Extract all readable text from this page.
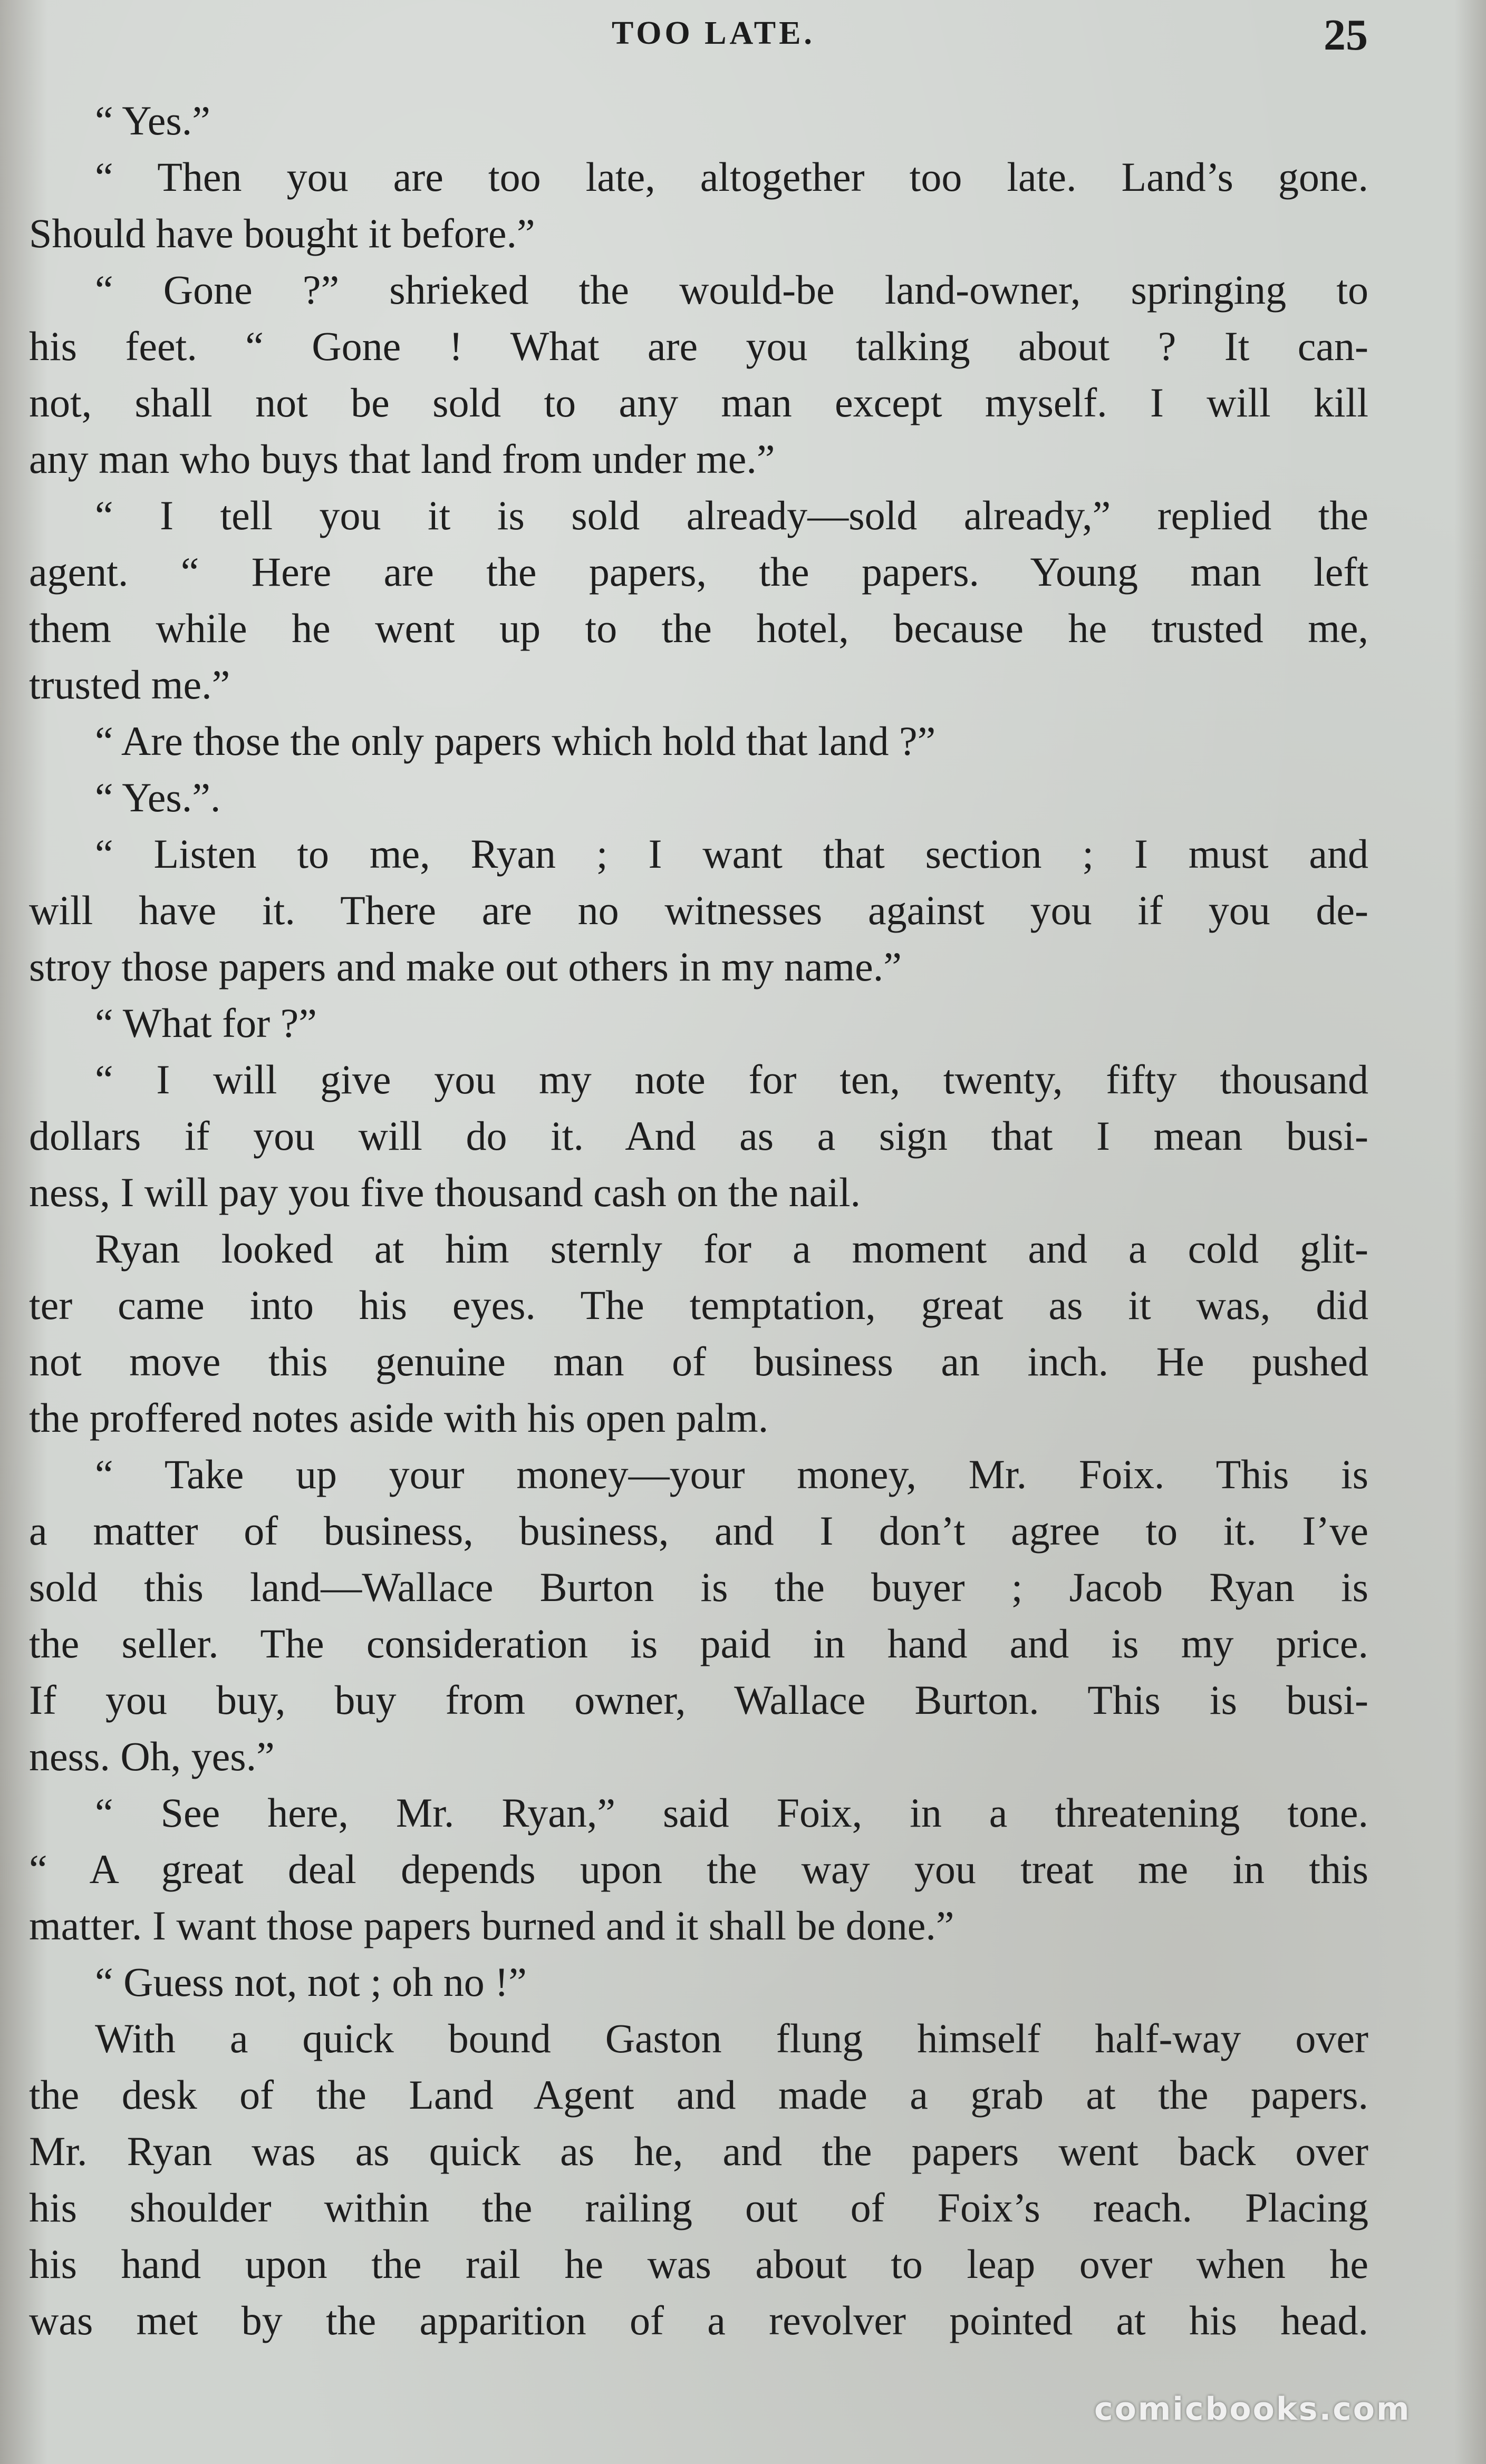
TOO LATE.	25
“ Yes.”
“ Then you are too late, altogether too late. Land’s gone.
Should have bought it before.”
“ Gone ?” shrieked the would-be land-owner, springing to
his feet. “ Gone ! What are you talking about ? It can-
not, shall not be sold to any man except myself. I will kill
any man who buys that land from under me.”
“ I tell you it is sold already—sold already,” replied the
agent. “ Here are the papers, the papers. Young man left
them while he went up to the hotel, because he trusted me,
trusted me.”
“ Are those the only papers which hold that land ?”
“ Yes.”.
“ Listen to me, Ryan ; I want that section ; I must and
will have it. There are no witnesses against you if you de-
stroy those papers and make out others in my name.”
“ What for ?”
“ I will give you my note for ten, twenty, fifty thousand
dollars if you will do it. And as a sign that I mean busi-
ness, I will pay you five thousand cash on the nail.
Ryan looked at him sternly for a moment and a cold glit-
ter came into his eyes. The temptation, great as it was, did
not move this genuine man of business an inch. He pushed
the proffered notes aside with his open palm.
“ Take up your money—your money, Mr. Foix. This is
a matter of business, business, and I don’t agree to it. I’ve
sold this land—Wallace Burton is the buyer ; Jacob Ryan is
the seller. The consideration is paid in hand and is my price.
If you buy, buy from owner, Wallace Burton. This is busi-
ness. Oh, yes.”
“ See here, Mr. Ryan,” said Foix, in a threatening tone.
“ A great deal depends upon the way you treat me in this
matter. I want those papers burned and it shall be done.”
“ Guess not, not ; oh no !”
With a quick bound Gaston flung himself half-way over
the desk of the Land Agent and made a grab at the papers.
Mr. Ryan was as quick as he, and the papers went back over
his shoulder within the railing out of Foix’s reach. Placing
his hand upon the rail he was about to leap over when he
was met by the apparition of a revolver pointed at his head.
comicbooks.com
